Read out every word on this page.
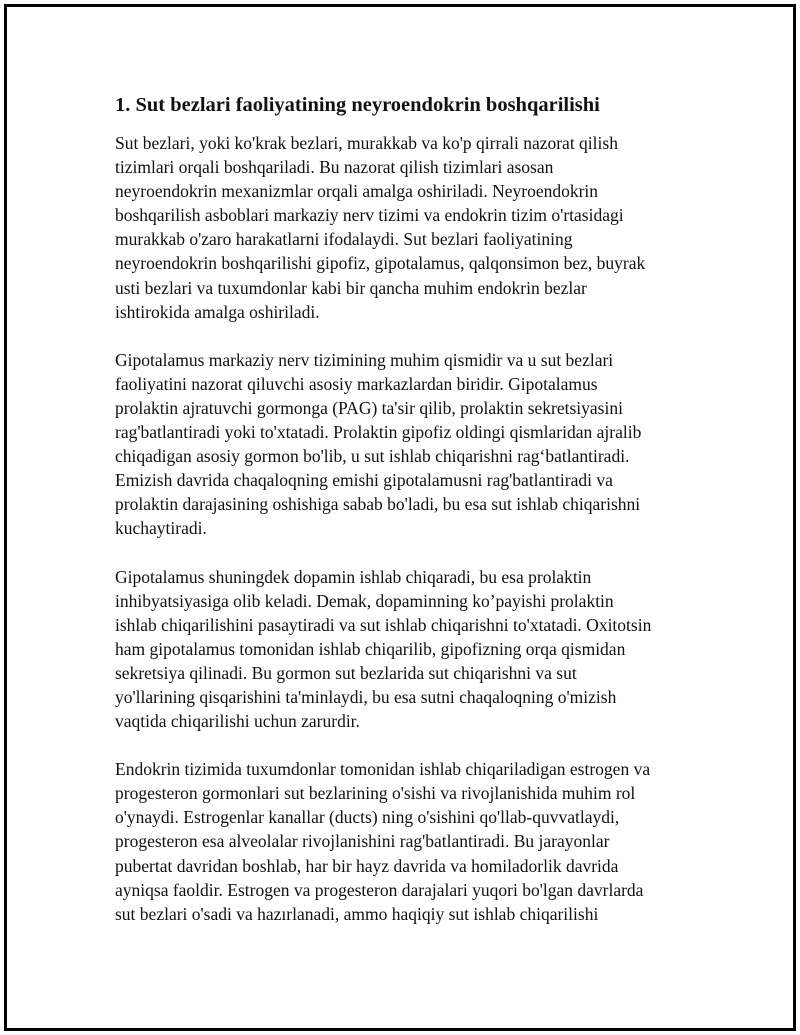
1. Sut bezlari faoliyatining neyroendokrin boshqarilishi
Sut bezlari, yoki ko'krak bezlari, murakkab va ko'p qirrali nazorat qilish
tizimlari orqali boshqariladi. Bu nazorat qilish tizimlari asosan
neyroendokrin mexanizmlar orqali amalga oshiriladi. Neyroendokrin
boshqarilish asboblari markaziy nerv tizimi va endokrin tizim o'rtasidagi
murakkab o'zaro harakatlarni ifodalaydi. Sut bezlari faoliyatining
neyroendokrin boshqarilishi gipofiz, gipotalamus, qalqonsimon bez, buyrak
usti bezlari va tuxumdonlar kabi bir qancha muhim endokrin bezlar
ishtirokida amalga oshiriladi.
Gipotalamus markaziy nerv tizimining muhim qismidir va u sut bezlari
faoliyatini nazorat qiluvchi asosiy markazlardan biridir. Gipotalamus
prolaktin ajratuvchi gormonga (PAG) ta'sir qilib, prolaktin sekretsiyasini
rag'batlantiradi yoki to'xtatadi. Prolaktin gipofiz oldingi qismlaridan ajralib
chiqadigan asosiy gormon bo'lib, u sut ishlab chiqarishni rag‘batlantiradi.
Emizish davrida chaqaloqning emishi gipotalamusni rag'batlantiradi va
prolaktin darajasining oshishiga sabab bo'ladi, bu esa sut ishlab chiqarishni
kuchaytiradi.
Gipotalamus shuningdek dopamin ishlab chiqaradi, bu esa prolaktin
inhibyatsiyasiga olib keladi. Demak, dopaminning ko’payishi prolaktin
ishlab chiqarilishini pasaytiradi va sut ishlab chiqarishni to'xtatadi. Oxitotsin
ham gipotalamus tomonidan ishlab chiqarilib, gipofizning orqa qismidan
sekretsiya qilinadi. Bu gormon sut bezlarida sut chiqarishni va sut
yo'llarining qisqarishini ta'minlaydi, bu esa sutni chaqaloqning o'mizish
vaqtida chiqarilishi uchun zarurdir.
Endokrin tizimida tuxumdonlar tomonidan ishlab chiqariladigan estrogen va
progesteron gormonlari sut bezlarining o'sishi va rivojlanishida muhim rol
o'ynaydi. Estrogenlar kanallar (ducts) ning o'sishini qo'llab-quvvatlaydi,
progesteron esa alveolalar rivojlanishini rag'batlantiradi. Bu jarayonlar
pubertat davridan boshlab, har bir hayz davrida va homiladorlik davrida
ayniqsa faoldir. Estrogen va progesteron darajalari yuqori bo'lgan davrlarda
sut bezlari o'sadi va hazırlanadi, ammo haqiqiy sut ishlab chiqarilishi
